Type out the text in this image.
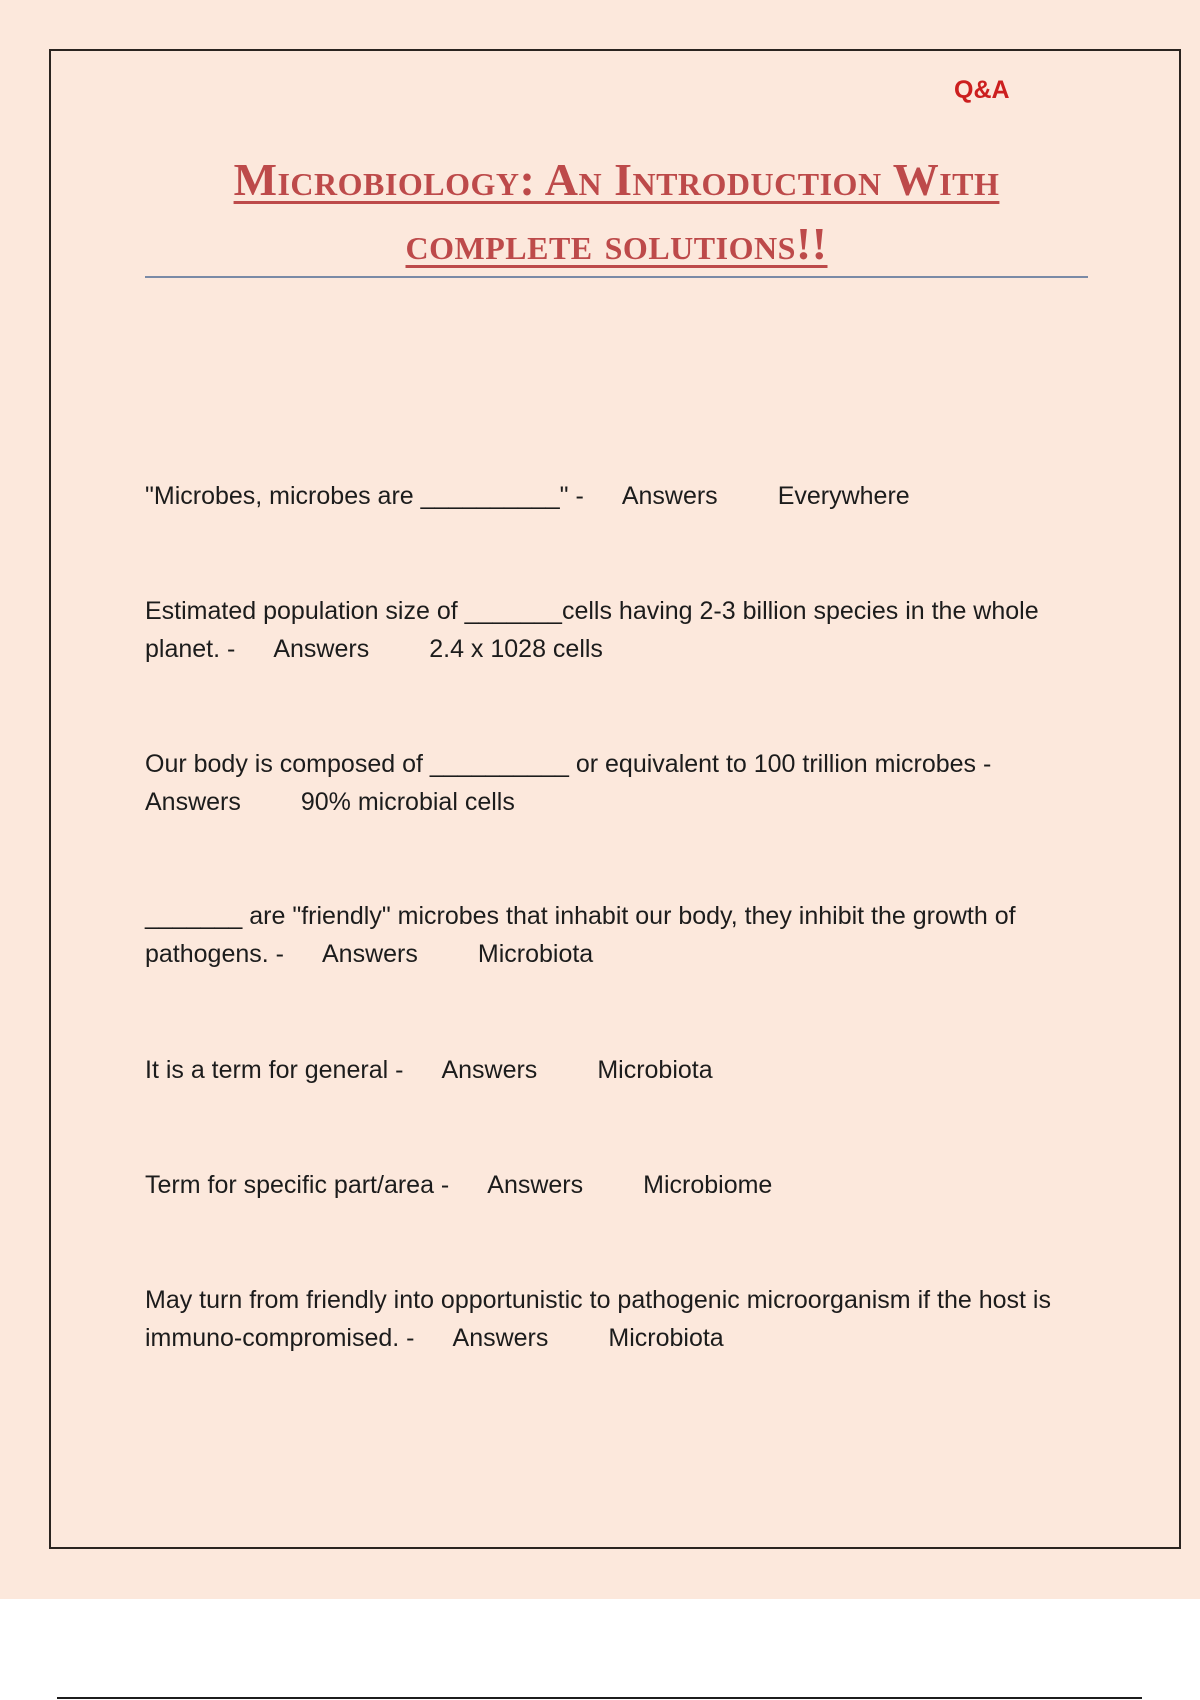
Q&A
Microbiology: An Introduction With complete solutions!!
"Microbes, microbes are __________" - Answers Everywhere
Estimated population size of _______cells having 2-3 billion species in the whole planet. - Answers 2.4 x 1028 cells
Our body is composed of __________ or equivalent to 100 trillion microbes -Answers 90% microbial cells
_______ are "friendly" microbes that inhabit our body, they inhibit the growth of pathogens. - Answers Microbiota
It is a term for general - Answers Microbiota
Term for specific part/area - Answers Microbiome
May turn from friendly into opportunistic to pathogenic microorganism if the host is immuno-compromised. - Answers Microbiota
